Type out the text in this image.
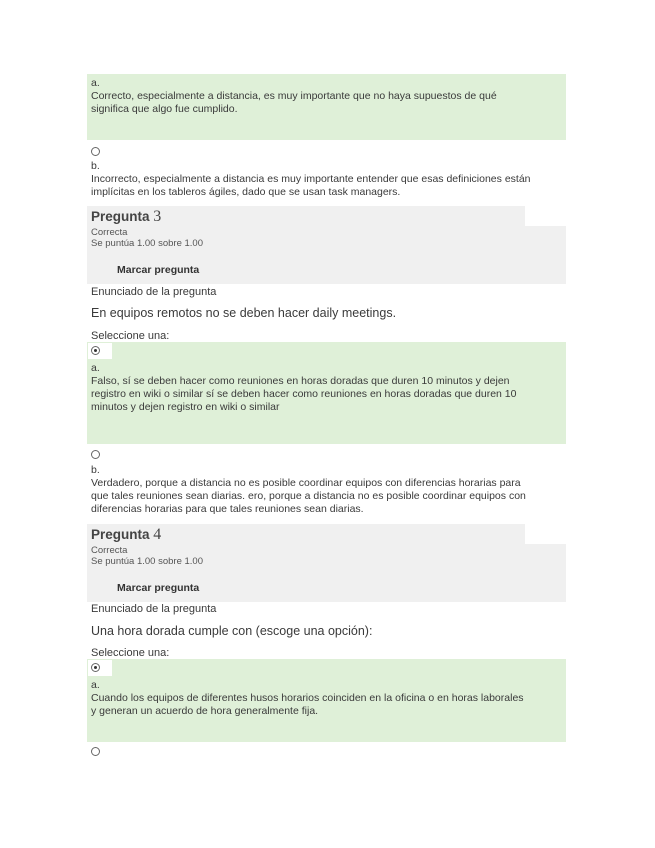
a.
Correcto, especialmente a distancia, es muy importante que no haya supuestos de qué
significa que algo fue cumplido.
b.
Incorrecto, especialmente a distancia es muy importante entender que esas definiciones están
implícitas en los tableros ágiles, dado que se usan task managers.
Pregunta 3
Correcta
Se puntúa 1.00 sobre 1.00
Marcar pregunta
Enunciado de la pregunta
En equipos remotos no se deben hacer daily meetings.
Seleccione una:
a.
Falso, sí se deben hacer como reuniones en horas doradas que duren 10 minutos y dejen
registro en wiki o similar sí se deben hacer como reuniones en horas doradas que duren 10
minutos y dejen registro en wiki o similar
b.
Verdadero, porque a distancia no es posible coordinar equipos con diferencias horarias para
que tales reuniones sean diarias. ero, porque a distancia no es posible coordinar equipos con
diferencias horarias para que tales reuniones sean diarias.
Pregunta 4
Correcta
Se puntúa 1.00 sobre 1.00
Marcar pregunta
Enunciado de la pregunta
Una hora dorada cumple con (escoge una opción):
Seleccione una:
a.
Cuando los equipos de diferentes husos horarios coinciden en la oficina o en horas laborales
y generan un acuerdo de hora generalmente fija.
